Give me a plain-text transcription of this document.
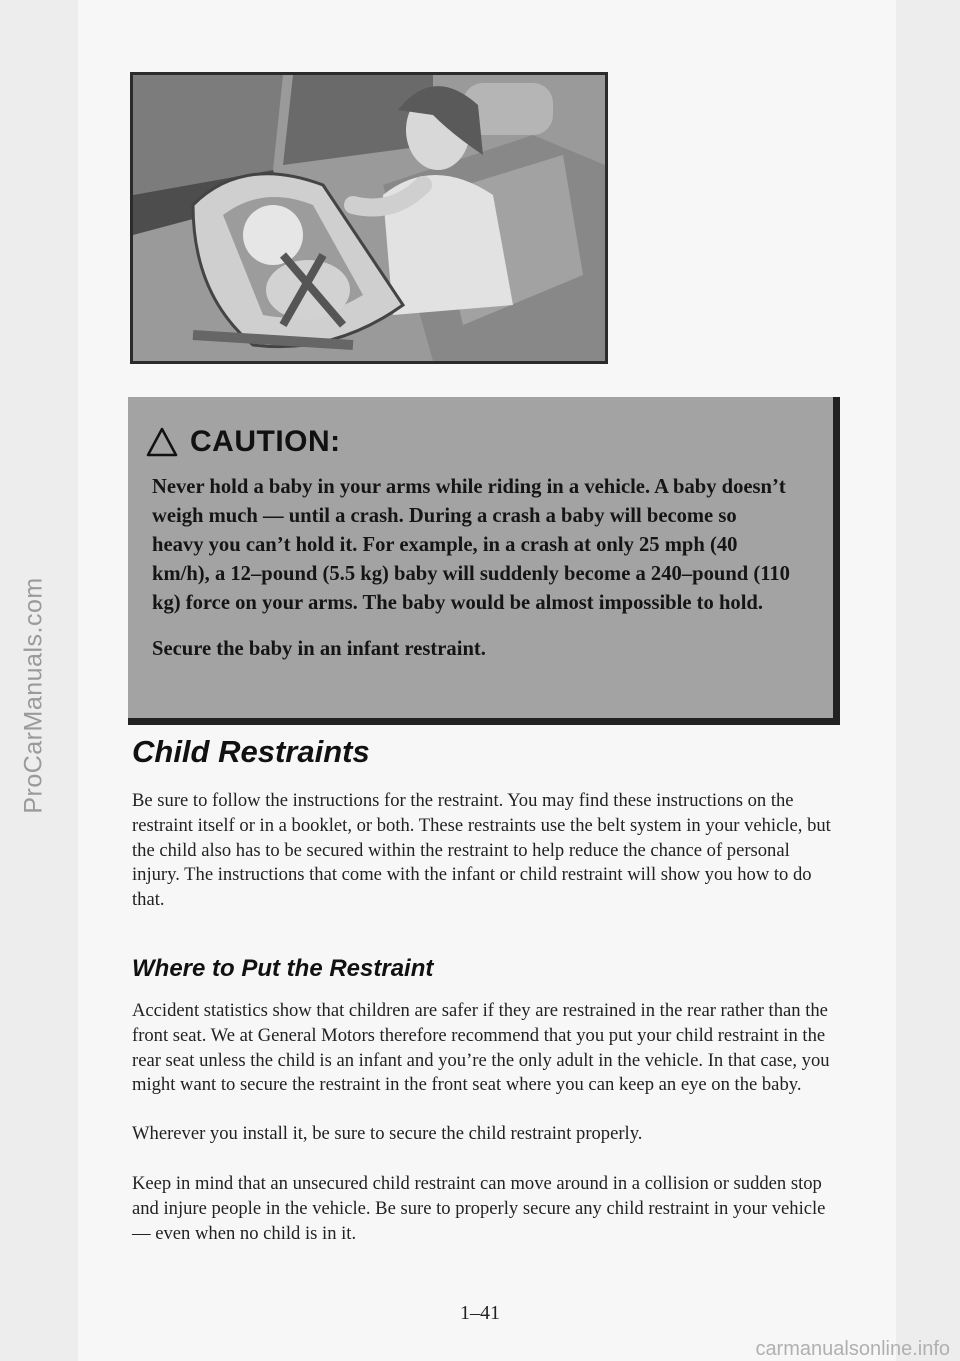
ProCarManuals.com
CAUTION:

Never hold a baby in your arms while riding in a vehicle. A baby doesn’t weigh much — until a crash. During a crash a baby will become so heavy you can’t hold it. For example, in a crash at only 25 mph (40 km/h), a 12–pound (5.5 kg) baby will suddenly become a 240–pound (110 kg) force on your arms. The baby would be almost impossible to hold.

Secure the baby in an infant restraint.

Child Restraints

Be sure to follow the instructions for the restraint. You may find these instructions on the restraint itself or in a booklet, or both. These restraints use the belt system in your vehicle, but the child also has to be secured within the restraint to help reduce the chance of personal injury. The instructions that come with the infant or child restraint will show you how to do that.

Where to Put the Restraint

Accident statistics show that children are safer if they are restrained in the rear rather than the front seat. We at General Motors therefore recommend that you put your child restraint in the rear seat unless the child is an infant and you’re the only adult in the vehicle. In that case, you might want to secure the restraint in the front seat where you can keep an eye on the baby.

Wherever you install it, be sure to secure the child restraint properly.

Keep in mind that an unsecured child restraint can move around in a collision or sudden stop and injure people in the vehicle. Be sure to properly secure any child restraint in your vehicle — even when no child is in it.

1–41
carmanualsonline.info
